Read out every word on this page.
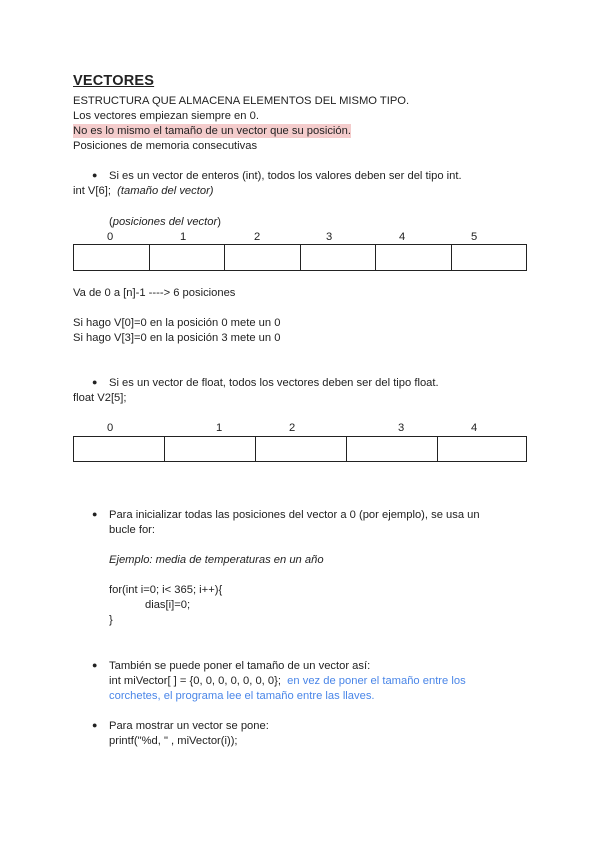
VECTORES
ESTRUCTURA QUE ALMACENA ELEMENTOS DEL MISMO TIPO.
Los vectores empiezan siempre en 0.
No es lo mismo el tamaño de un vector que su posición.
Posiciones de memoria consecutivas
● Si es un vector de enteros (int), todos los valores deben ser del tipo int.
int V[6]; (tamaño del vector)
(posiciones del vector)
0	1	2	3	4	5
Va de 0 a [n]-1 ----> 6 posiciones
Si hago V[0]=0 en la posición 0 mete un 0
Si hago V[3]=0 en la posición 3 mete un 0
● Si es un vector de float, todos los vectores deben ser del tipo float.
float V2[5];
0	1	2	3	4
● Para inicializar todas las posiciones del vector a 0 (por ejemplo), se usa un
bucle for:
Ejemplo: media de temperaturas en un año
for(int i=0; i< 365; i++){
dias[i]=0;
}
● También se puede poner el tamaño de un vector así:
int miVector[ ] = {0, 0, 0, 0, 0, 0, 0}; en vez de poner el tamaño entre los
corchetes, el programa lee el tamaño entre las llaves.
● Para mostrar un vector se pone:
printf("%d, " , miVector(i));
